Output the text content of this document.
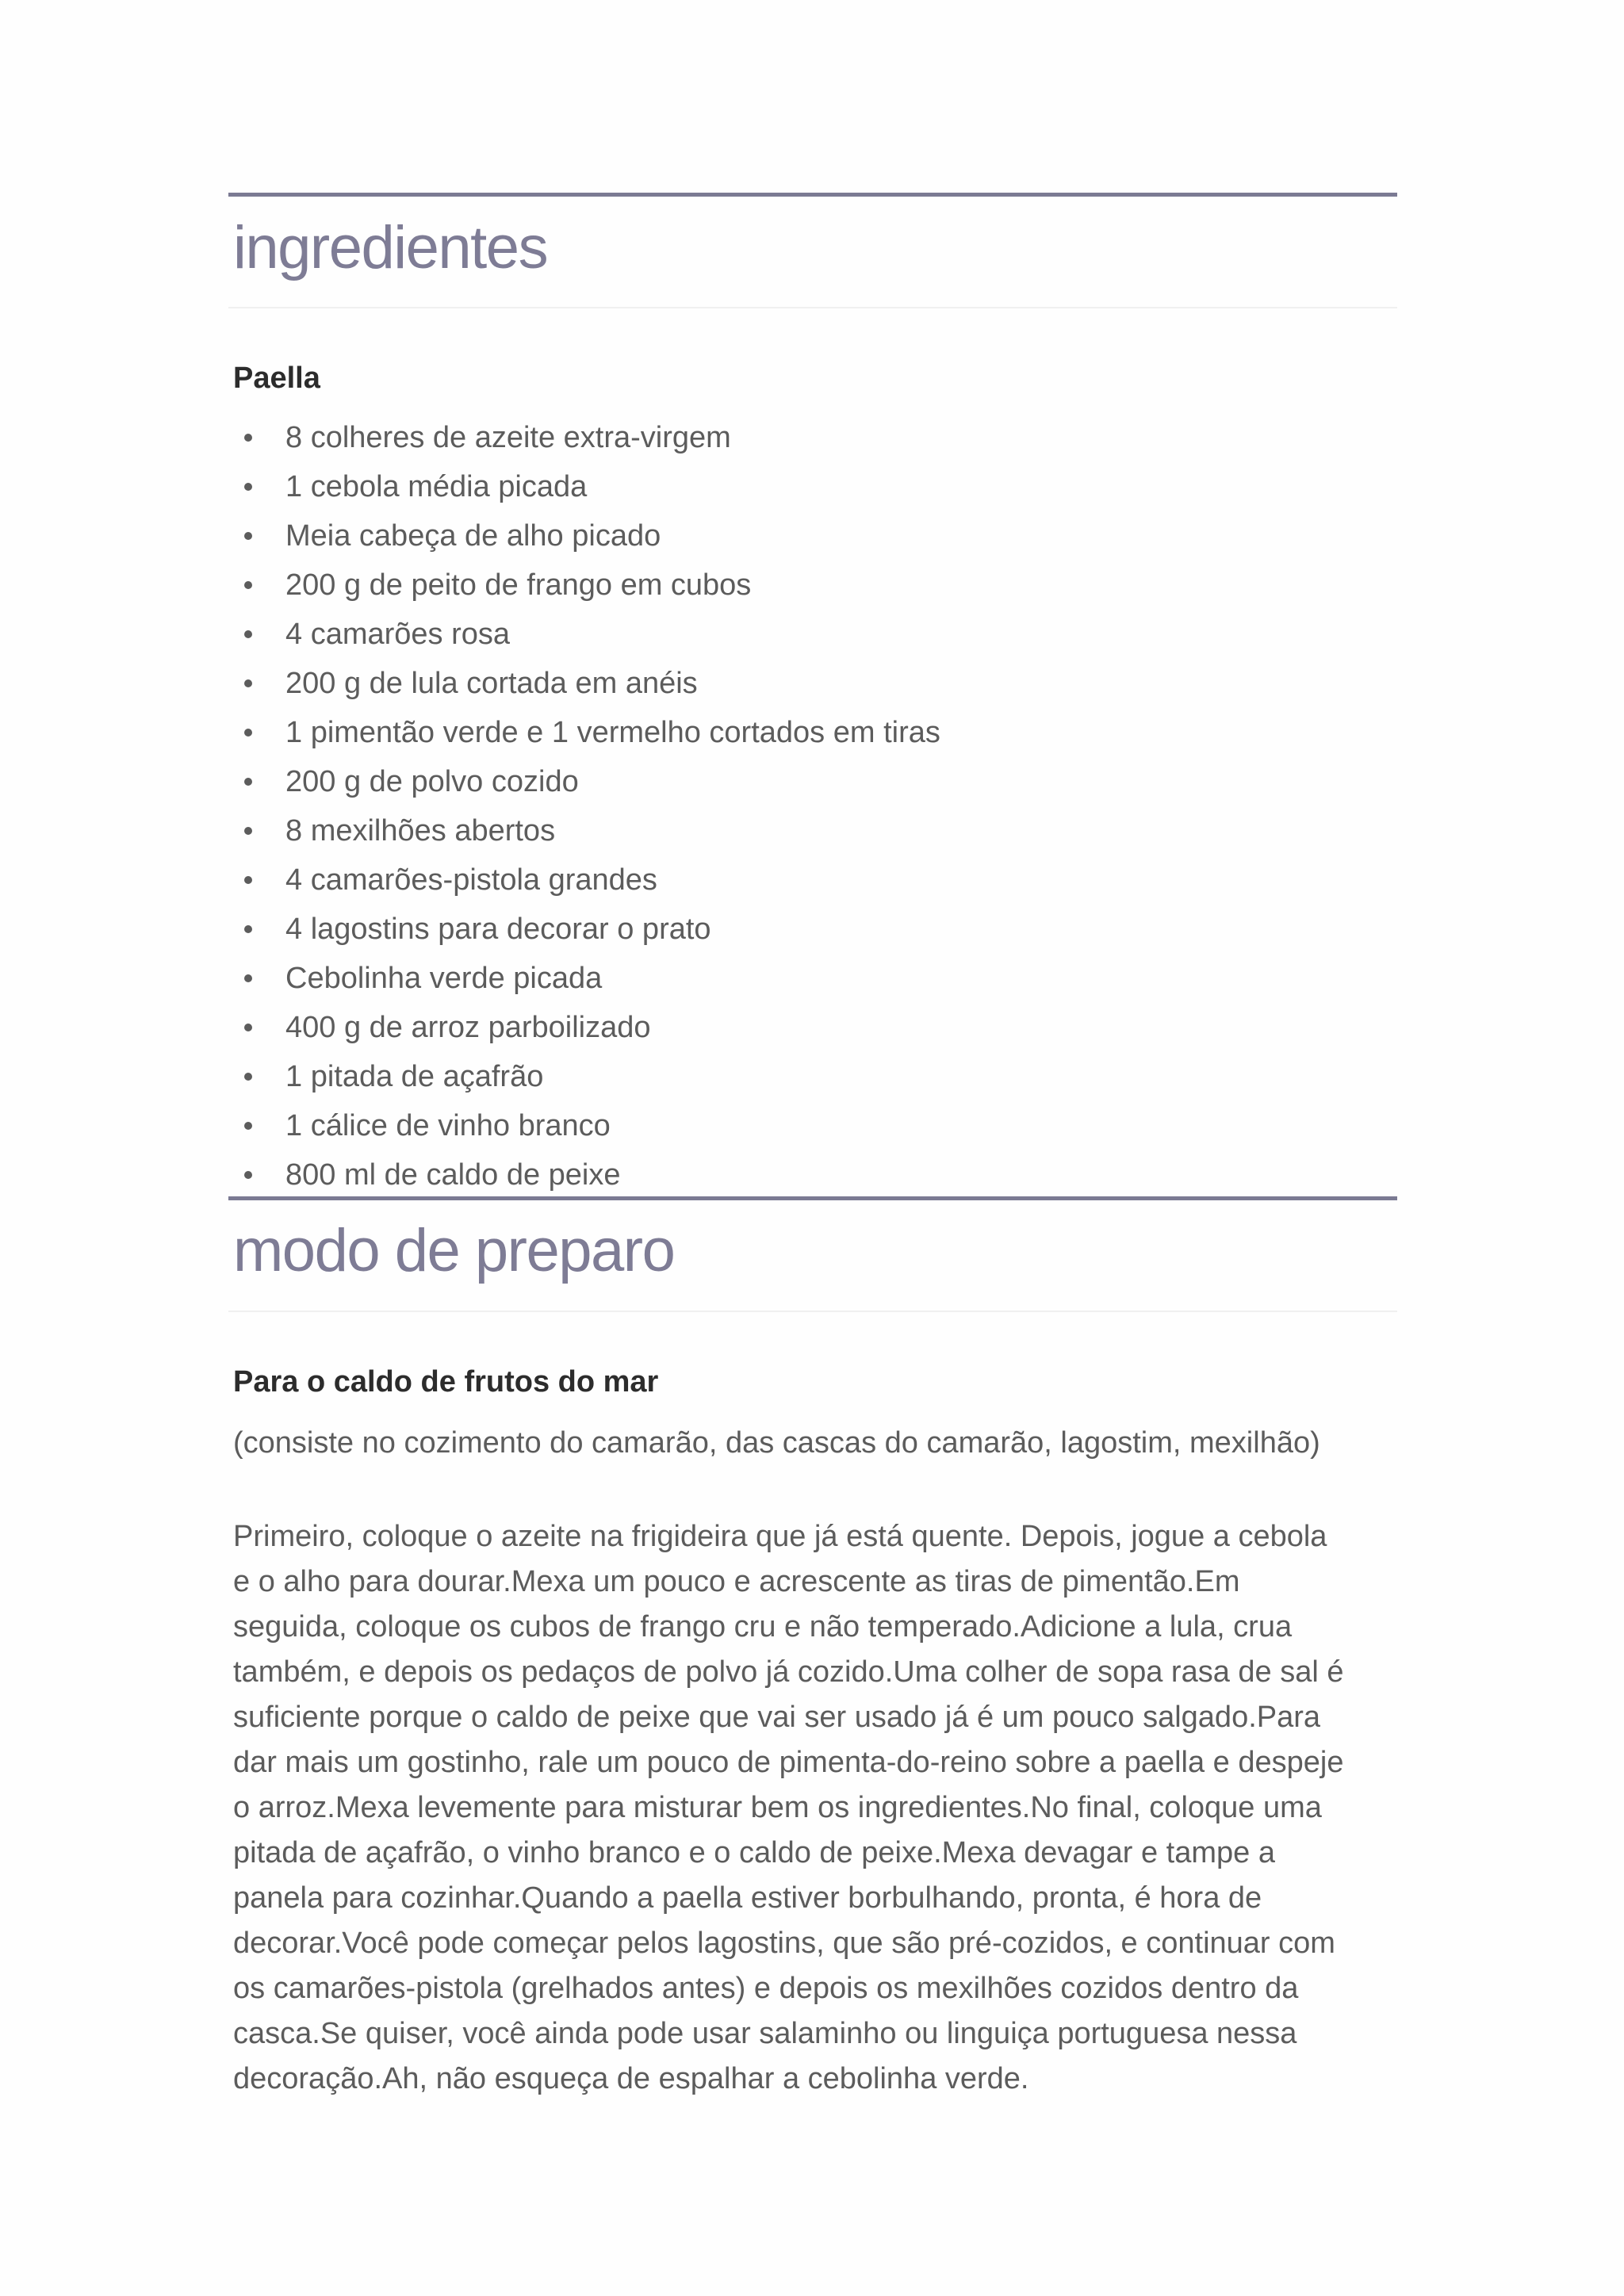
ingredientes
Paella
8 colheres de azeite extra-virgem
1 cebola média picada
Meia cabeça de alho picado
200 g de peito de frango em cubos
4 camarões rosa
200 g de lula cortada em anéis
1 pimentão verde e 1 vermelho cortados em tiras
200 g de polvo cozido
8 mexilhões abertos
4 camarões-pistola grandes
4 lagostins para decorar o prato
Cebolinha verde picada
400 g de arroz parboilizado
1 pitada de açafrão
1 cálice de vinho branco
800 ml de caldo de peixe
modo de preparo
Para o caldo de frutos do mar

(consiste no cozimento do camarão, das cascas do camarão, lagostim, mexilhão)

Primeiro, coloque o azeite na frigideira que já está quente. Depois, jogue a cebola
e o alho para dourar.Mexa um pouco e acrescente as tiras de pimentão.Em
seguida, coloque os cubos de frango cru e não temperado.Adicione a lula, crua
também, e depois os pedaços de polvo já cozido.Uma colher de sopa rasa de sal é
suficiente porque o caldo de peixe que vai ser usado já é um pouco salgado.Para
dar mais um gostinho, rale um pouco de pimenta-do-reino sobre a paella e despeje
o arroz.Mexa levemente para misturar bem os ingredientes.No final, coloque uma
pitada de açafrão, o vinho branco e o caldo de peixe.Mexa devagar e tampe a
panela para cozinhar.Quando a paella estiver borbulhando, pronta, é hora de
decorar.Você pode começar pelos lagostins, que são pré-cozidos, e continuar com
os camarões-pistola (grelhados antes) e depois os mexilhões cozidos dentro da
casca.Se quiser, você ainda pode usar salaminho ou linguiça portuguesa nessa
decoração.Ah, não esqueça de espalhar a cebolinha verde.
